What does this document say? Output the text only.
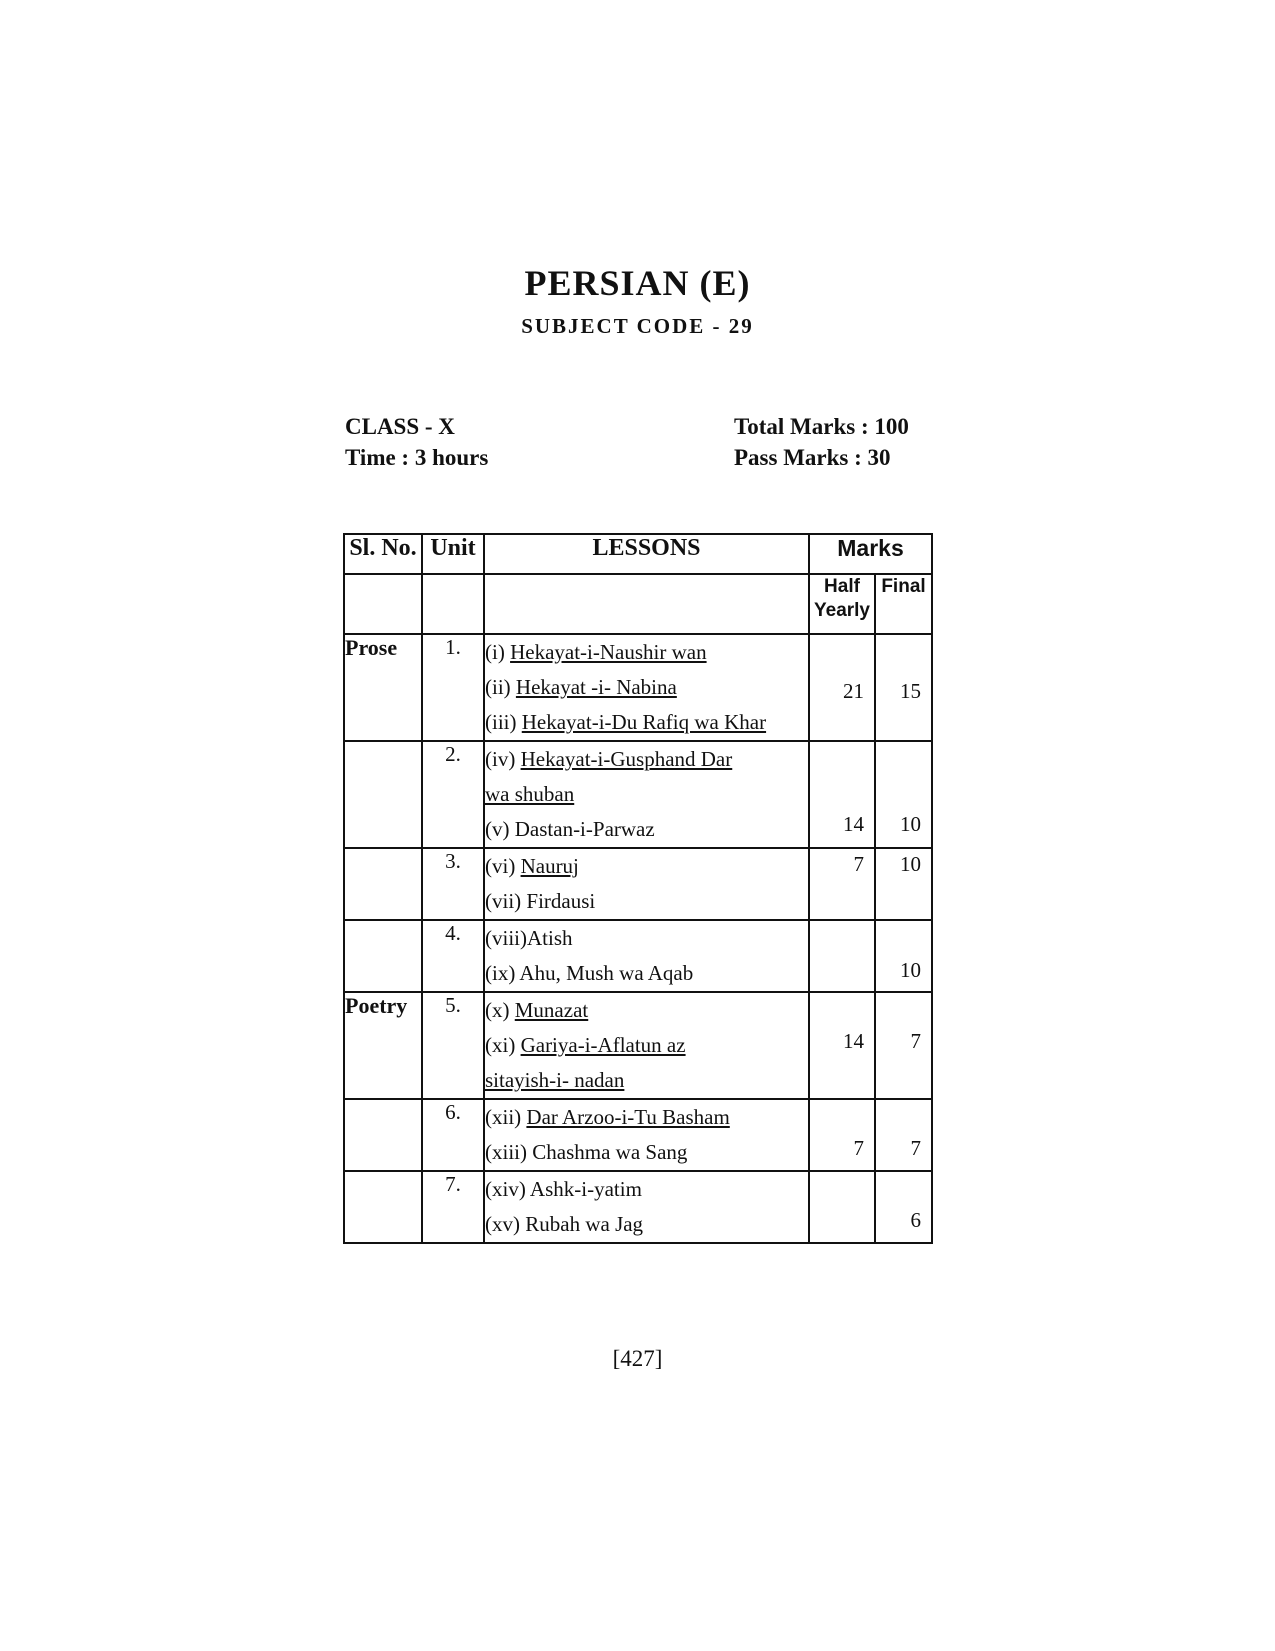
PERSIAN (E)
SUBJECT CODE - 29
CLASS - X
Time : 3 hours
Total Marks : 100
Pass Marks : 30
Sl. No.	Unit	LESSONS	Marks	
			Half
Yearly	Final
Prose	1.	(i) Hekayat-i-Naushir wan
(ii) Hekayat -i- Nabina
(iii) Hekayat-i-Du Rafiq wa Khar	21	15

	2.	(iv) Hekayat-i-Gusphand Dar
wa shuban
(v) Dastan-i-Parwaz	14	10

	3.	(vi) Nauruj
(vii) Firdausi	7	10

	4.	(viii)Atish
(ix) Ahu, Mush wa Aqab		10

Poetry	5.	(x) Munazat
(xi) Gariya-i-Aflatun az
sitayish-i- nadan	14	7

	6.	(xii) Dar Arzoo-i-Tu Basham
(xiii) Chashma wa Sang	7	7

	7.	(xiv) Ashk-i-yatim
(xv) Rubah wa Jag		6
[427]
